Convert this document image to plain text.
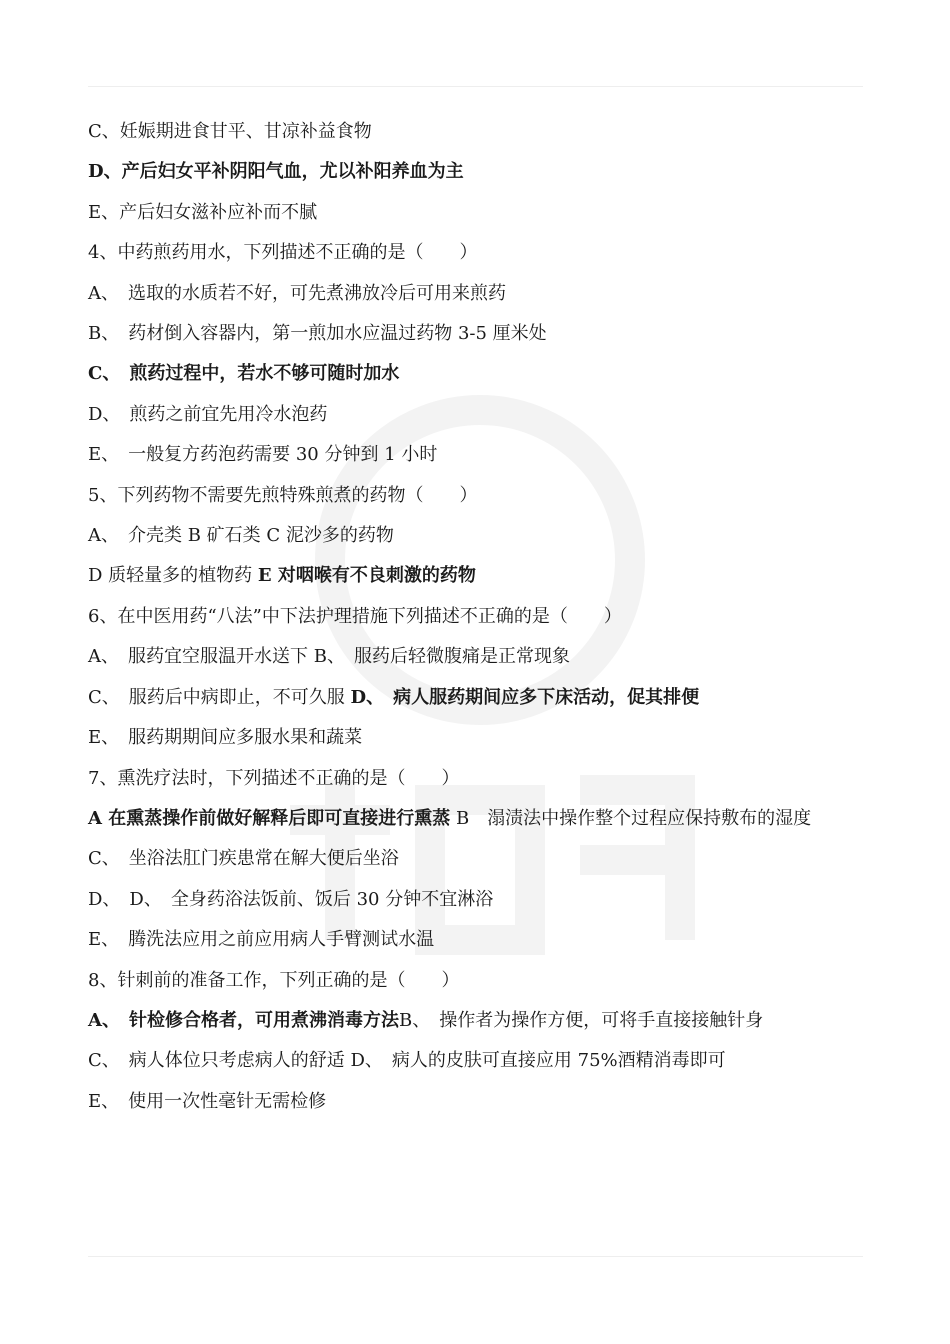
C、妊娠期进食甘平、甘凉补益食物
D、产后妇女平补阴阳气血，尤以补阳养血为主
E、产后妇女滋补应补而不腻
4、中药煎药用水，下列描述不正确的是（　　）
A、　选取的水质若不好，可先煮沸放冷后可用来煎药
B、　药材倒入容器内，第一煎加水应温过药物 3-5 厘米处
C、　煎药过程中，若水不够可随时加水
D、　煎药之前宜先用冷水泡药
E、　一般复方药泡药需要 30 分钟到 1 小时
5、下列药物不需要先煎特殊煎煮的药物（　　）
A、　介壳类 B 矿石类 C 泥沙多的药物
D 质轻量多的植物药 E 对咽喉有不良刺激的药物
6、在中医用药“八法”中下法护理措施下列描述不正确的是（　　）
A、　服药宜空服温开水送下 B、　服药后轻微腹痛是正常现象
C、　服药后中病即止，不可久服 D、　病人服药期间应多下床活动，促其排便
E、　服药期期间应多服水果和蔬菜
7、熏洗疗法时，下列描述不正确的是（　　）
A 在熏蒸操作前做好解释后即可直接进行熏蒸 B　溻渍法中操作整个过程应保持敷布的湿度
C、　坐浴法肛门疾患常在解大便后坐浴
D、　D、　全身药浴法饭前、饭后 30 分钟不宜淋浴
E、　腾洗法应用之前应用病人手臂测试水温
8、针刺前的准备工作，下列正确的是（　　）
A、　针检修合格者，可用煮沸消毒方法B、　操作者为操作方便，可将手直接接触针身
C、　病人体位只考虑病人的舒适 D、　病人的皮肤可直接应用 75%酒精消毒即可
E、　使用一次性毫针无需检修
